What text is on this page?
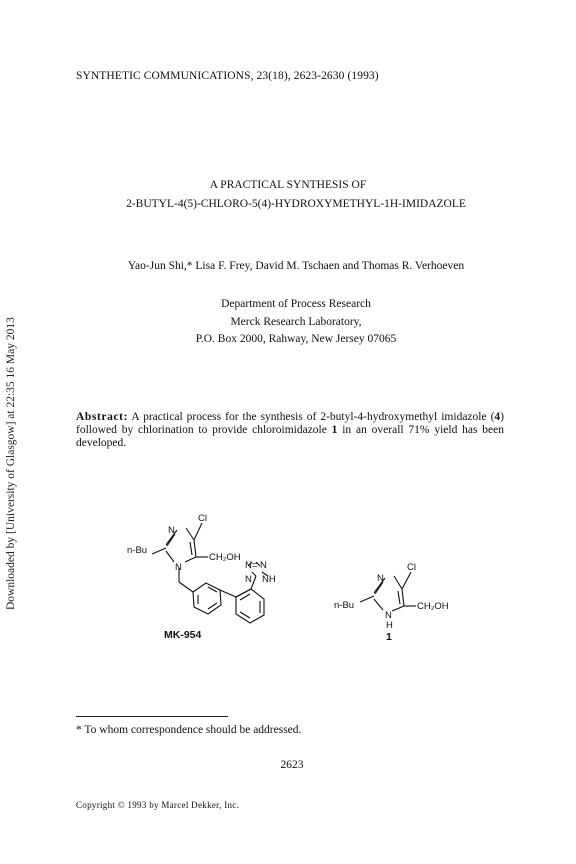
SYNTHETIC COMMUNICATIONS, 23(18), 2623-2630 (1993)
A PRACTICAL SYNTHESIS OF
2-BUTYL-4(5)-CHLORO-5(4)-HYDROXYMETHYL-1H-IMIDAZOLE
Yao-Jun Shi,* Lisa F. Frey, David M. Tschaen and Thomas R. Verhoeven
Department of Process Research
Merck Research Laboratory,
P.O. Box 2000, Rahway, New Jersey 07065
Abstract: A practical process for the synthesis of 2-butyl-4-hydroxymethyl imidazole (4) followed by chlorination to provide chloroimidazole 1 in an overall 71% yield has been developed.
Downloaded by [University of Glasgow] at 22:35 16 May 2013	Cl
N
N
n-Bu
CH₂OH
N= N
N NH
MK-954
Cl
N
N
H
n-Bu	CH₂OH
1
* To whom correspondence should be addressed.
2623
Copyright © 1993 by Marcel Dekker, Inc.
